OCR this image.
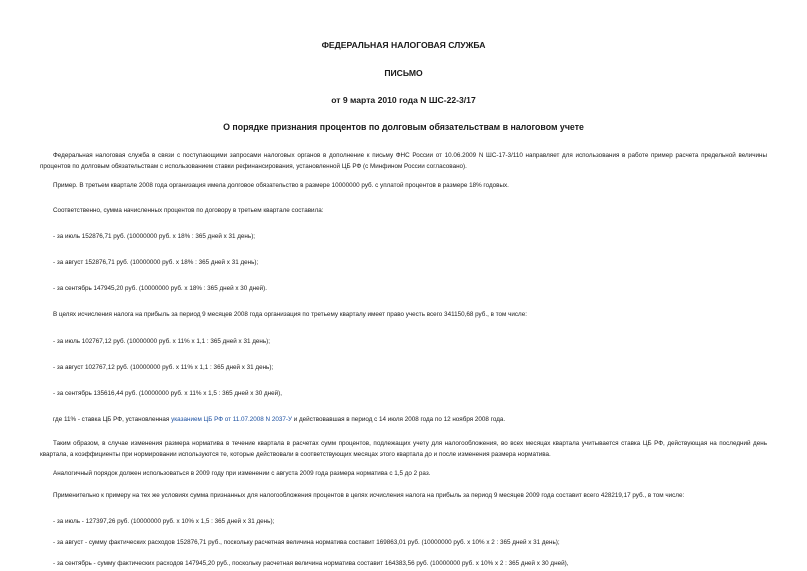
ФЕДЕРАЛЬНАЯ НАЛОГОВАЯ СЛУЖБА
ПИСЬМО
от 9 марта 2010 года N ШС-22-3/17
О порядке признания процентов по долговым обязательствам в налоговом учете
Федеральная налоговая служба в связи с поступающими запросами налоговых органов в дополнение к письму ФНС России от 10.06.2009 N ШС-17-3/110 направляет для использования в работе пример расчета предельной величины процентов по долговым обязательствам с использованием ставки рефинансирования, установленной ЦБ РФ (с Минфином России согласовано).
Пример. В третьем квартале 2008 года организация имела долговое обязательство в размере 10000000 руб. с уплатой процентов в размере 18% годовых.
Соответственно, сумма начисленных процентов по договору в третьем квартале составила:
- за июль 152876,71 руб. (10000000 руб. x 18% : 365 дней x 31 день);
- за август 152876,71 руб. (10000000 руб. x 18% : 365 дней x 31 день);
- за сентябрь 147945,20 руб. (10000000 руб. x 18% : 365 дней x 30 дней).
В целях исчисления налога на прибыль за период 9 месяцев 2008 года организация по третьему кварталу имеет право учесть всего 341150,68 руб., в том числе:
- за июль 102767,12 руб. (10000000 руб. x 11% x 1,1 : 365 дней x 31 день);
- за август 102767,12 руб. (10000000 руб. x 11% x 1,1 : 365 дней x 31 день);
- за сентябрь 135616,44 руб. (10000000 руб. x 11% x 1,5 : 365 дней x 30 дней),
где 11% - ставка ЦБ РФ, установленная указанием ЦБ РФ от 11.07.2008 N 2037-У и действовавшая в период с 14 июля 2008 года по 12 ноября 2008 года.
Таким образом, в случае изменения размера норматива в течение квартала в расчетах сумм процентов, подлежащих учету для налогообложения, во всех месяцах квартала учитывается ставка ЦБ РФ, действующая на последний день квартала, а коэффициенты при нормировании используются те, которые действовали в соответствующих месяцах этого квартала до и после изменения размера норматива.
Аналогичный порядок должен использоваться в 2009 году при изменении с августа 2009 года размера норматива с 1,5 до 2 раз.
Применительно к примеру на тех же условиях сумма признанных для налогообложения процентов в целях исчисления налога на прибыль за период 9 месяцев 2009 года составит всего 428219,17 руб., в том числе:
- за июль - 127397,26 руб. (10000000 руб. x 10% x 1,5 : 365 дней x 31 день);
- за август - сумму фактических расходов 152876,71 руб., поскольку расчетная величина норматива составит 169863,01 руб. (10000000 руб. x 10% x 2 : 365 дней x 31 день);
- за сентябрь - сумму фактических расходов 147945,20 руб., поскольку расчетная величина норматива составит 164383,56 руб. (10000000 руб. x 10% x 2 : 365 дней x 30 дней),
